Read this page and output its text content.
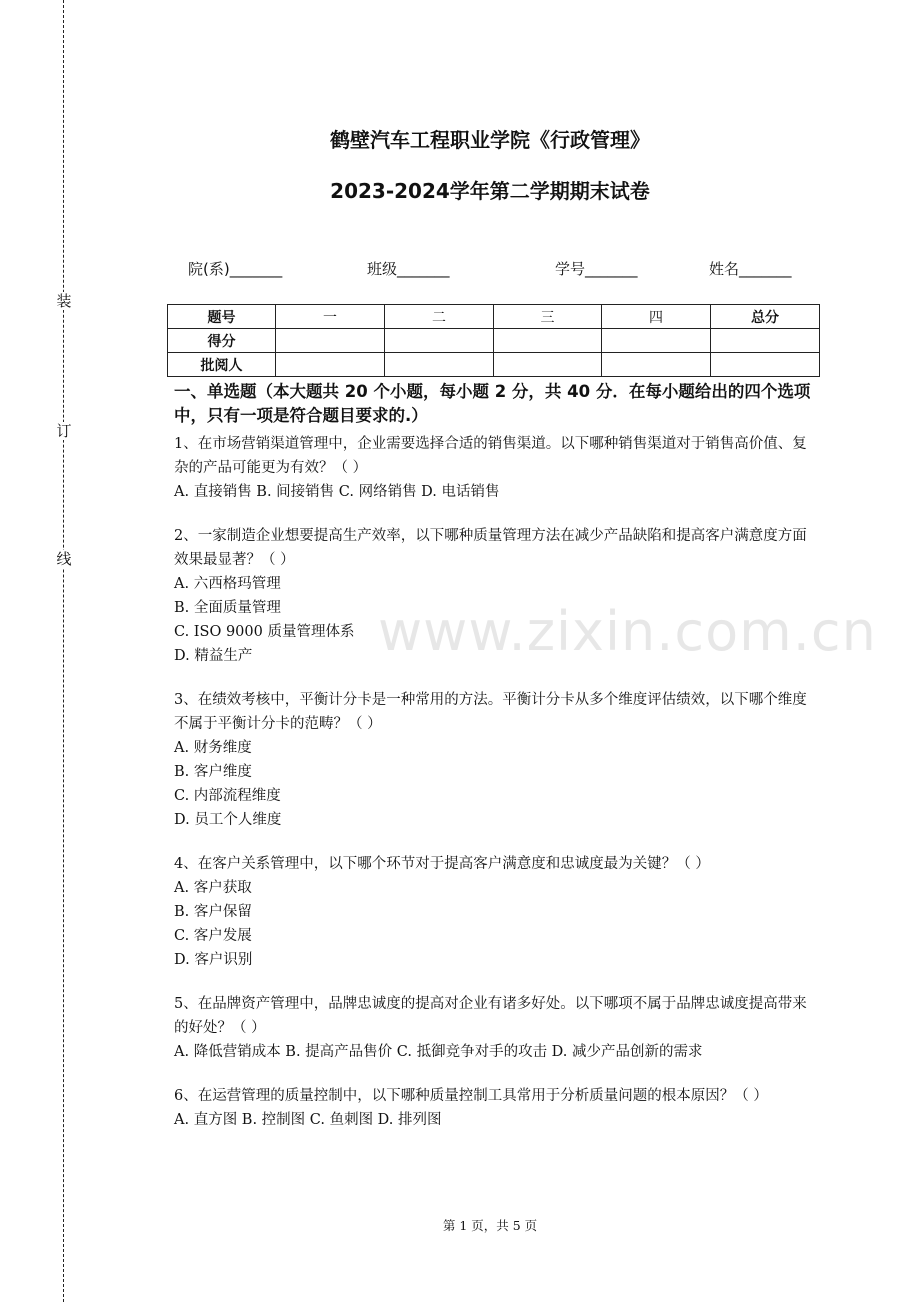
装
订
线
鹤壁汽车工程职业学院《行政管理》
2023-2024学年第二学期期末试卷
院(系)_______	班级_______	学号_______	姓名_______
题号	一	二	三	四	总分
得分					
批阅人					
www.zixin.com.cn

一、单选题（本大题共 20 个小题，每小题 2 分，共 40 分．在每小题给出的四个选项中，只有一项是符合题目要求的.）

1、在市场营销渠道管理中，企业需要选择合适的销售渠道。以下哪种销售渠道对于销售高价值、复杂的产品可能更为有效？（ ）

A. 直接销售 B. 间接销售 C. 网络销售 D. 电话销售

2、一家制造企业想要提高生产效率，以下哪种质量管理方法在减少产品缺陷和提高客户满意度方面效果最显著？（ ）

A. 六西格玛管理

B. 全面质量管理

C. ISO 9000 质量管理体系

D. 精益生产

3、在绩效考核中，平衡计分卡是一种常用的方法。平衡计分卡从多个维度评估绩效，以下哪个维度不属于平衡计分卡的范畴？（ ）

A. 财务维度

B. 客户维度

C. 内部流程维度

D. 员工个人维度

4、在客户关系管理中，以下哪个环节对于提高客户满意度和忠诚度最为关键？（ ）

A. 客户获取

B. 客户保留

C. 客户发展

D. 客户识别

5、在品牌资产管理中，品牌忠诚度的提高对企业有诸多好处。以下哪项不属于品牌忠诚度提高带来的好处？（ ）

A. 降低营销成本 B. 提高产品售价 C. 抵御竞争对手的攻击 D. 减少产品创新的需求

6、在运营管理的质量控制中，以下哪种质量控制工具常用于分析质量问题的根本原因？（ ）

A. 直方图 B. 控制图 C. 鱼刺图 D. 排列图

第 1 页，共 5 页
